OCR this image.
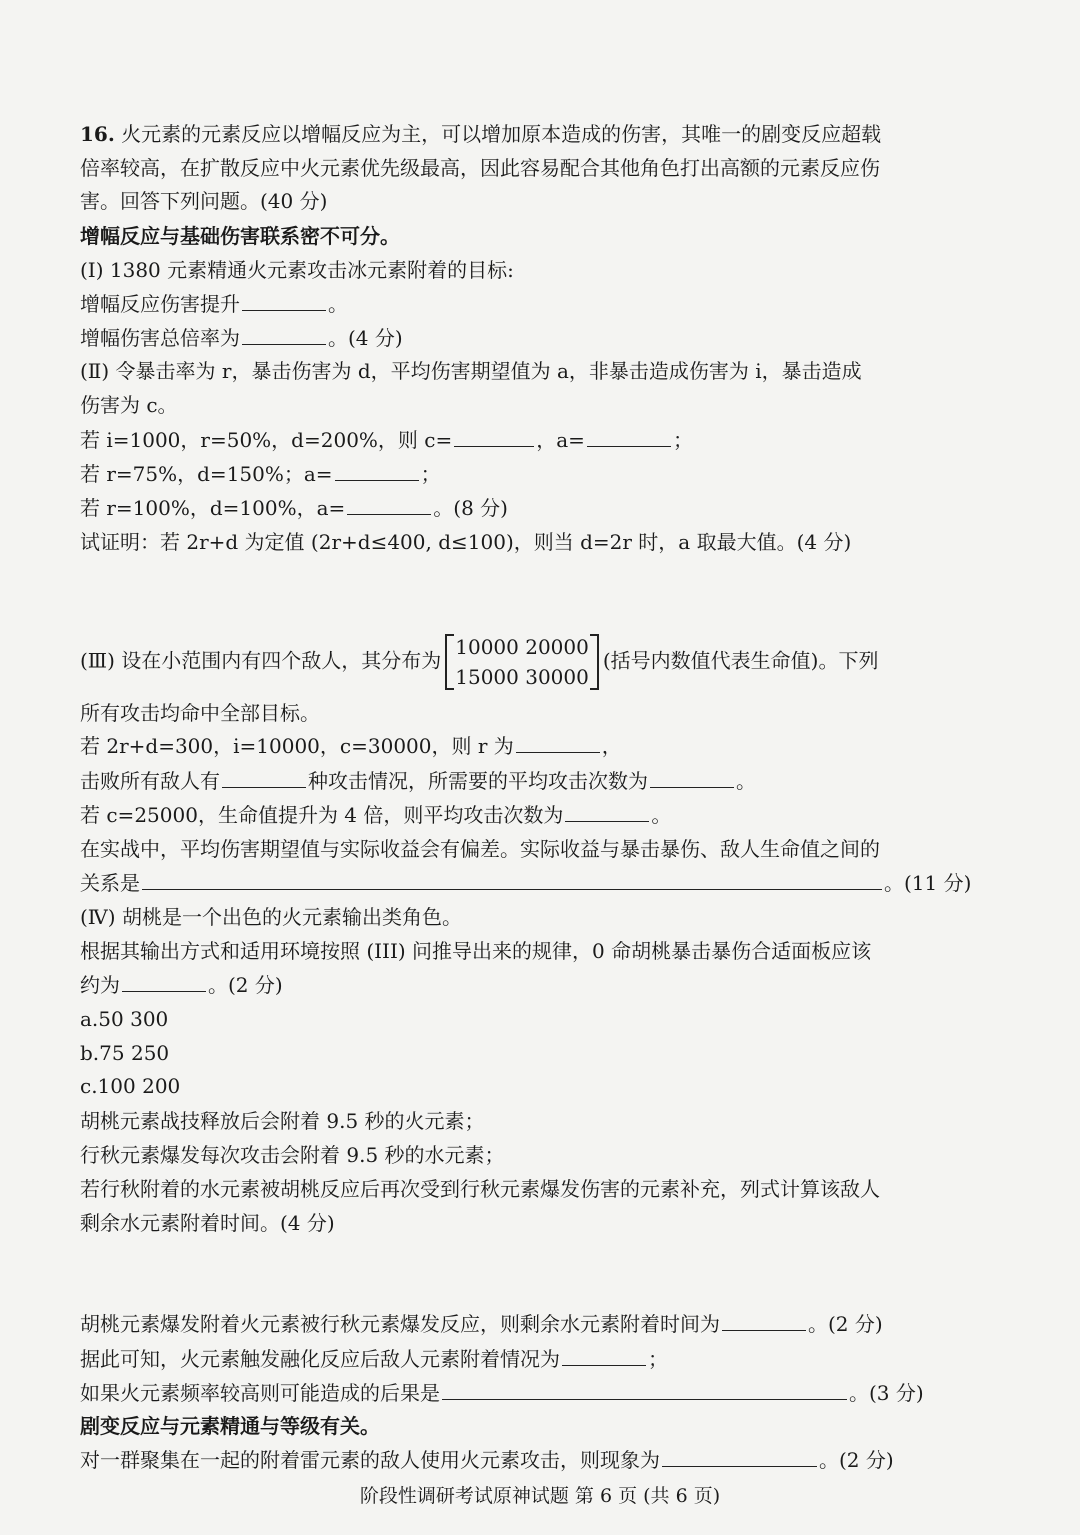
16. 火元素的元素反应以增幅反应为主，可以增加原本造成的伤害，其唯一的剧变反应超载
倍率较高，在扩散反应中火元素优先级最高，因此容易配合其他角色打出高额的元素反应伤
害。回答下列问题。(40 分)
增幅反应与基础伤害联系密不可分。
(Ⅰ) 1380 元素精通火元素攻击冰元素附着的目标:
增幅反应伤害提升	。
增幅伤害总倍率为	。(4 分)
(Ⅱ) 令暴击率为 r，暴击伤害为 d，平均伤害期望值为 a，非暴击造成伤害为 i，暴击造成
伤害为 c。
若 i=1000，r=50%，d=200%，则 c=	，a=	；
若 r=75%，d=150%；a=	；
若 r=100%，d=100%，a=	。(8 分)
试证明：若 2r+d 为定值 (2r+d≤400, d≤100)，则当 d=2r 时，a 取最大值。(4 分)
(Ⅲ) 设在小范围内有四个敌人，其分布为
10000 20000
15000 30000
(括号内数值代表生命值)。下列
所有攻击均命中全部目标。
若 2r+d=300，i=10000，c=30000，则 r 为	，
击败所有敌人有	种攻击情况，所需要的平均攻击次数为	。
若 c=25000，生命值提升为 4 倍，则平均攻击次数为	。
在实战中，平均伤害期望值与实际收益会有偏差。实际收益与暴击暴伤、敌人生命值之间的
关系是	。(11 分)
(Ⅳ) 胡桃是一个出色的火元素输出类角色。
根据其输出方式和适用环境按照 (III) 问推导出来的规律，0 命胡桃暴击暴伤合适面板应该
约为	。(2 分)
a.50 300
b.75 250
c.100 200
胡桃元素战技释放后会附着 9.5 秒的火元素；
行秋元素爆发每次攻击会附着 9.5 秒的水元素；
若行秋附着的水元素被胡桃反应后再次受到行秋元素爆发伤害的元素补充，列式计算该敌人
剩余水元素附着时间。(4 分)
胡桃元素爆发附着火元素被行秋元素爆发反应，则剩余水元素附着时间为	。(2 分)
据此可知，火元素触发融化反应后敌人元素附着情况为	；
如果火元素频率较高则可能造成的后果是	。(3 分)
剧变反应与元素精通与等级有关。
对一群聚集在一起的附着雷元素的敌人使用火元素攻击，则现象为	。(2 分)
阶段性调研考试原神试题 第 6 页 (共 6 页)
